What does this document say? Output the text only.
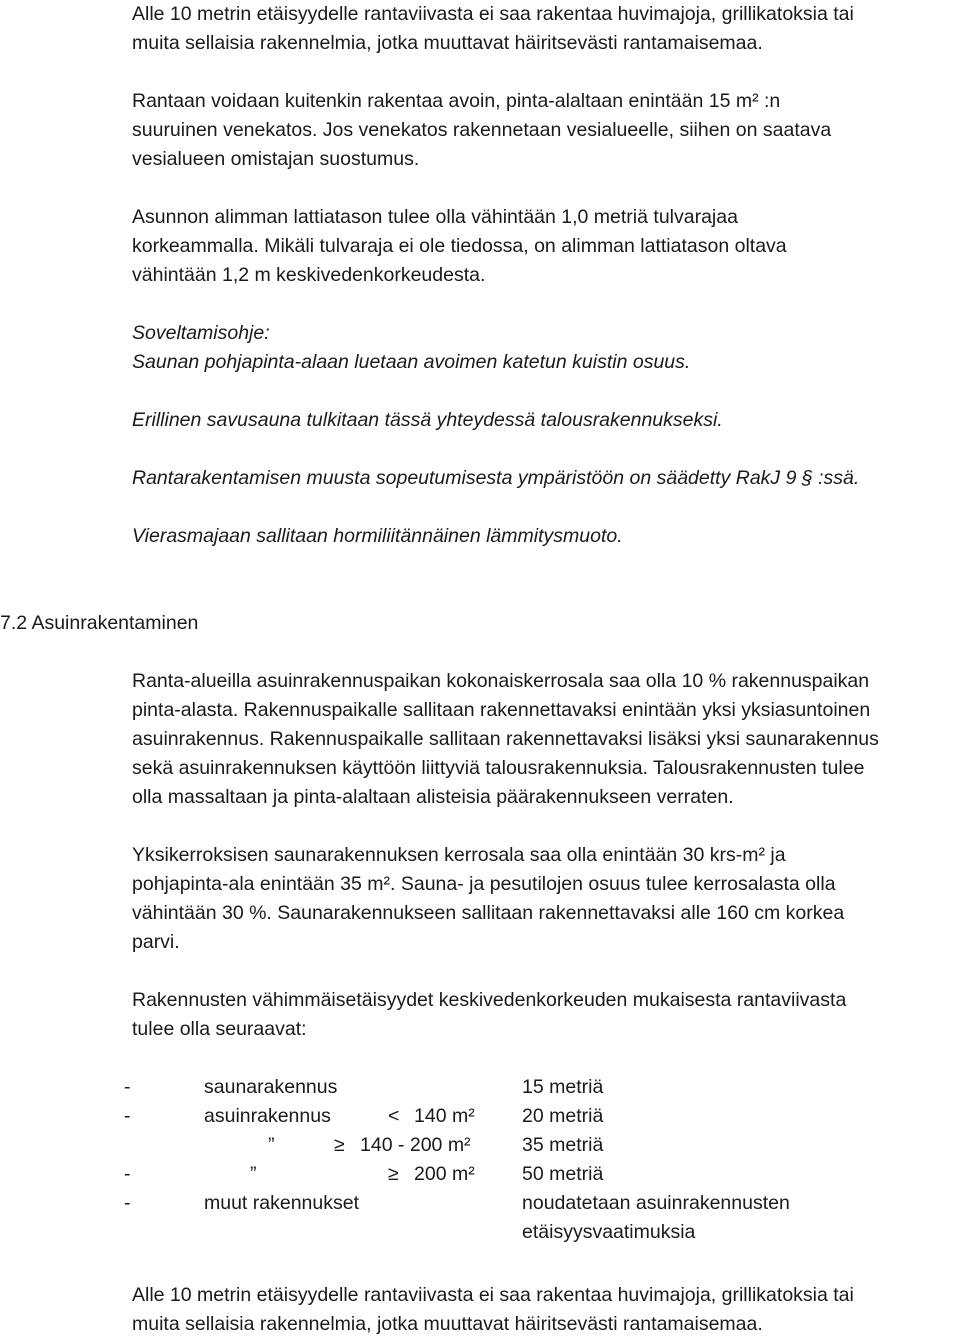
Alle 10 metrin etäisyydelle rantaviivasta ei saa rakentaa huvimajoja, grillikatoksia tai

muita sellaisia rakennelmia, jotka muuttavat häiritsevästi rantamaisemaa.

Rantaan voidaan kuitenkin rakentaa avoin, pinta-alaltaan enintään 15 m² :n

suuruinen venekatos. Jos venekatos rakennetaan vesialueelle, siihen on saatava

vesialueen omistajan suostumus.

Asunnon alimman lattiatason tulee olla vähintään 1,0 metriä tulvarajaa

korkeammalla. Mikäli tulvaraja ei ole tiedossa, on alimman lattiatason oltava

vähintään 1,2 m keskivedenkorkeudesta.

Soveltamisohje:

Saunan pohjapinta-alaan luetaan avoimen katetun kuistin osuus.

Erillinen savusauna tulkitaan tässä yhteydessä talousrakennukseksi.

Rantarakentamisen muusta sopeutumisesta ympäristöön on säädetty RakJ 9 § :ssä.

Vierasmajaan sallitaan hormiliitännäinen lämmitysmuoto.

7.2 Asuinrakentaminen

Ranta-alueilla asuinrakennuspaikan kokonaiskerrosala saa olla 10 % rakennuspaikan

pinta-alasta. Rakennuspaikalle sallitaan rakennettavaksi enintään yksi yksiasuntoinen

asuinrakennus. Rakennuspaikalle sallitaan rakennettavaksi lisäksi yksi saunarakennus

sekä asuinrakennuksen käyttöön liittyviä talousrakennuksia. Talousrakennusten tulee

olla massaltaan ja pinta-alaltaan alisteisia päärakennukseen verraten.

Yksikerroksisen saunarakennuksen kerrosala saa olla enintään 30 krs-m² ja

pohjapinta-ala enintään 35 m². Sauna- ja pesutilojen osuus tulee kerrosalasta olla

vähintään 30 %. Saunarakennukseen sallitaan rakennettavaksi alle 160 cm korkea

parvi.

Rakennusten vähimmäisetäisyydet keskivedenkorkeuden mukaisesta rantaviivasta

tulee olla seuraavat:

-	saunarakennus	15 metriä
-	asuinrakennus	< 140 m² 20 metriä
”	≥ 140 - 200 m²	35 metriä
-	”	≥ 200 m² 50 metriä
-	muut rakennukset	noudatetaan asuinrakennusten
etäisyysvaatimuksia

Alle 10 metrin etäisyydelle rantaviivasta ei saa rakentaa huvimajoja, grillikatoksia tai

muita sellaisia rakennelmia, jotka muuttavat häiritsevästi rantamaisemaa.
